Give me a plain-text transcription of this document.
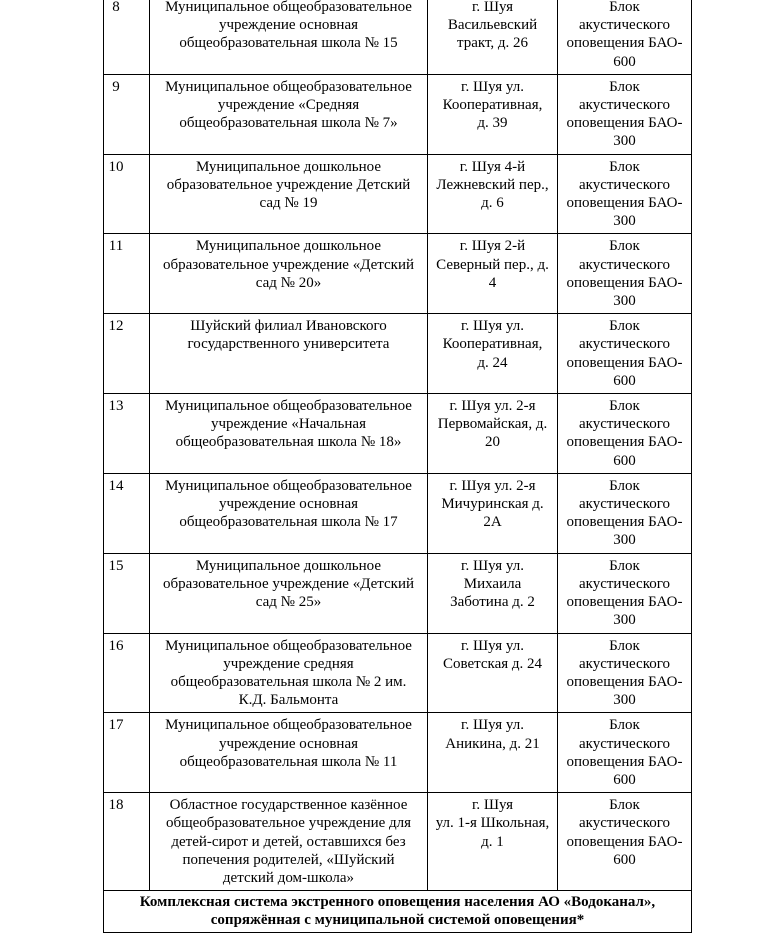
8	Муниципальное общеобразовательное
учреждение основная
общеобразовательная школа № 15	г. Шуя
Васильевский
тракт, д. 26	Блок
акустического
оповещения БАО-
600

9	Муниципальное общеобразовательное
учреждение «Средняя
общеобразовательная школа № 7»	г. Шуя ул.
Кооперативная,
д. 39	Блок
акустического
оповещения БАО-
300

10	Муниципальное дошкольное
образовательное учреждение Детский
сад № 19	г. Шуя 4-й
Лежневский пер.,
д. 6	Блок
акустического
оповещения БАО-
300

11	Муниципальное дошкольное
образовательное учреждение «Детский
сад № 20»	г. Шуя 2-й
Северный пер., д.
4	Блок
акустического
оповещения БАО-
300

12	Шуйский филиал Ивановского
государственного университета	г. Шуя ул.
Кооперативная,
д. 24	Блок
акустического
оповещения БАО-
600

13	Муниципальное общеобразовательное
учреждение «Начальная
общеобразовательная школа № 18»	г. Шуя ул. 2-я
Первомайская, д.
20	Блок
акустического
оповещения БАО-
600

14	Муниципальное общеобразовательное
учреждение основная
общеобразовательная школа № 17	г. Шуя ул. 2-я
Мичуринская д.
2А	Блок
акустического
оповещения БАО-
300

15	Муниципальное дошкольное
образовательное учреждение «Детский
сад № 25»	г. Шуя ул.
Михаила
Заботина д. 2	Блок
акустического
оповещения БАО-
300

16	Муниципальное общеобразовательное
учреждение средняя
общеобразовательная школа № 2 им.
К.Д. Бальмонта	г. Шуя ул.
Советская д. 24	Блок
акустического
оповещения БАО-
300

17	Муниципальное общеобразовательное
учреждение основная
общеобразовательная школа № 11	г. Шуя ул.
Аникина, д. 21	Блок
акустического
оповещения БАО-
600

18	Областное государственное казённое
общеобразовательное учреждение для
детей-сирот и детей, оставшихся без
попечения родителей, «Шуйский
детский дом-школа»	г. Шуя
ул. 1-я Школьная,
д. 1	Блок
акустического
оповещения БАО-
600

Комплексная система экстренного оповещения населения АО «Водоканал»,
сопряжённая с муниципальной системой оповещения*			
